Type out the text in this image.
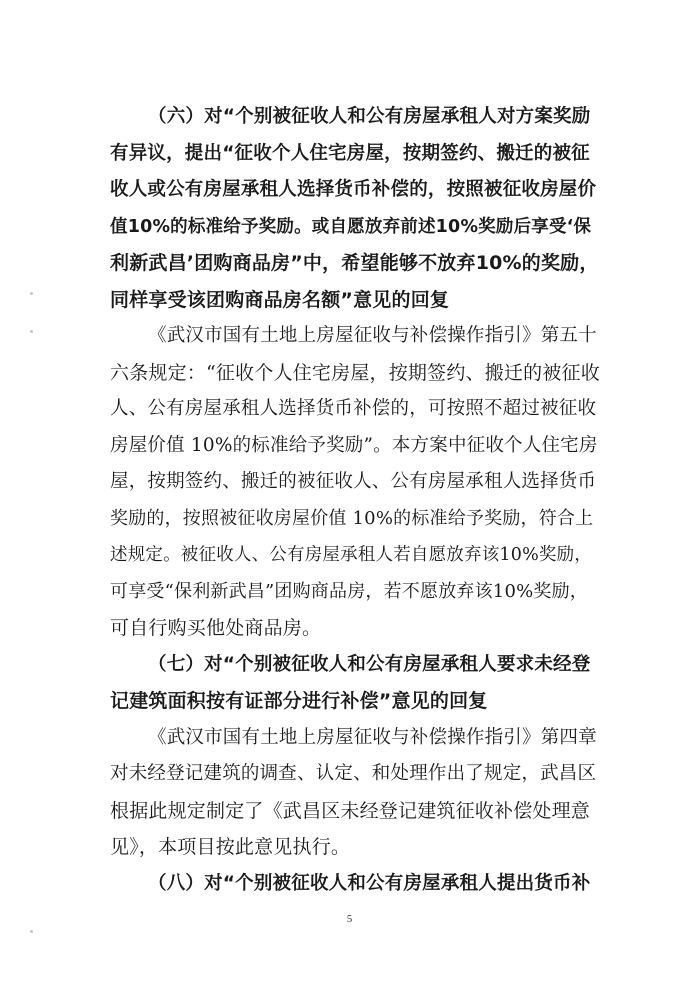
（六）对“个别被征收人和公有房屋承租人对方案奖励
有异议，提出“征收个人住宅房屋，按期签约、搬迁的被征
收人或公有房屋承租人选择货币补偿的，按照被征收房屋价
值10%的标准给予奖励。或自愿放弃前述10%奖励后享受‘保
利新武昌’团购商品房”中，希望能够不放弃10%的奖励，
同样享受该团购商品房名额”意见的回复
《武汉市国有土地上房屋征收与补偿操作指引》第五十
六条规定：“征收个人住宅房屋，按期签约、搬迁的被征收
人、公有房屋承租人选择货币补偿的，可按照不超过被征收
房屋价值 10%的标准给予奖励”。本方案中征收个人住宅房
屋，按期签约、搬迁的被征收人、公有房屋承租人选择货币
奖励的，按照被征收房屋价值 10%的标准给予奖励，符合上
述规定。被征收人、公有房屋承租人若自愿放弃该10%奖励，
可享受“保利新武昌”团购商品房，若不愿放弃该10%奖励，
可自行购买他处商品房。
（七）对“个别被征收人和公有房屋承租人要求未经登
记建筑面积按有证部分进行补偿”意见的回复
《武汉市国有土地上房屋征收与补偿操作指引》第四章
对未经登记建筑的调查、认定、和处理作出了规定，武昌区
根据此规定制定了《武昌区未经登记建筑征收补偿处理意
见》，本项目按此意见执行。
（八）对“个别被征收人和公有房屋承租人提出货币补
5
